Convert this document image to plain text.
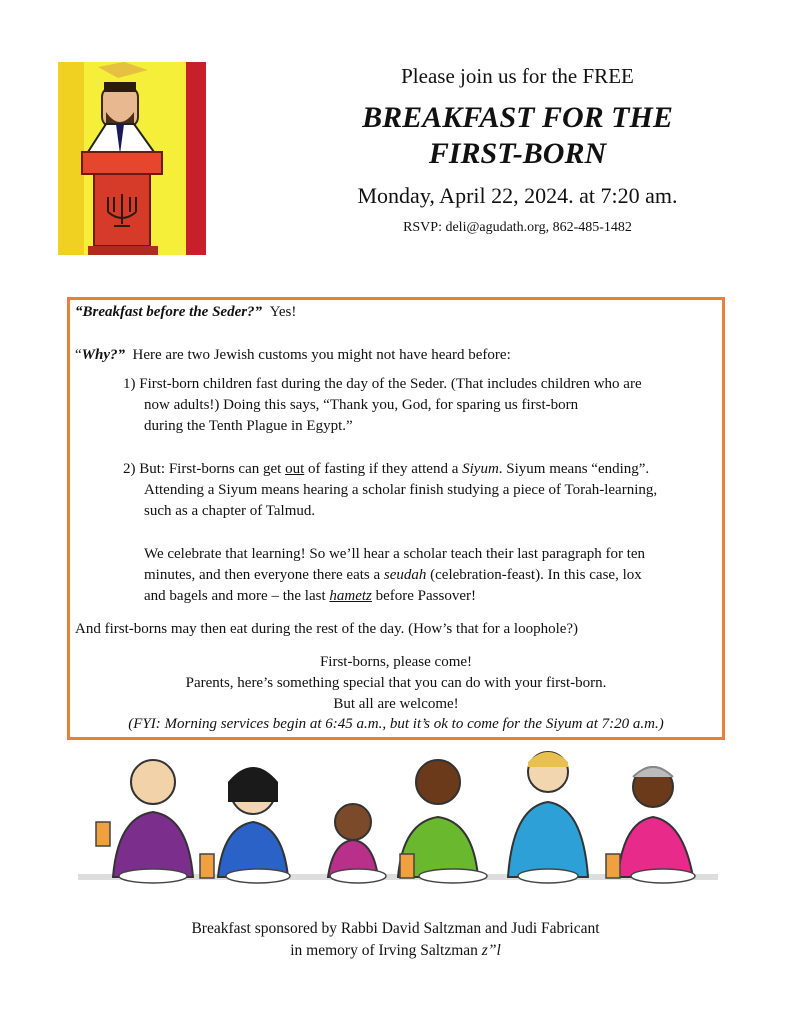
Please join us for the FREE
BREAKFAST FOR THE
FIRST-BORN
Monday, April 22, 2024. at 7:20 am.
RSVP: deli@agudath.org, 862-485-1482
“Breakfast before the Seder?” Yes!
“Why?” Here are two Jewish customs you might not have heard before:
1) First-born children fast during the day of the Seder. (That includes children who are
now adults!) Doing this says, “Thank you, God, for sparing us first-born
during the Tenth Plague in Egypt.”
2) But: First-borns can get out of fasting if they attend a Siyum. Siyum means “ending”.
Attending a Siyum means hearing a scholar finish studying a piece of Torah-learning,
such as a chapter of Talmud.
We celebrate that learning! So we’ll hear a scholar teach their last paragraph for ten
minutes, and then everyone there eats a seudah (celebration-feast). In this case, lox
and bagels and more – the last hametz before Passover!
And first-borns may then eat during the rest of the day. (How’s that for a loophole?)
First-borns, please come!
Parents, here’s something special that you can do with your first-born.
But all are welcome!
(FYI: Morning services begin at 6:45 a.m., but it’s ok to come for the Siyum at 7:20 a.m.)
Breakfast sponsored by Rabbi David Saltzman and Judi Fabricant
in memory of Irving Saltzman z”l
